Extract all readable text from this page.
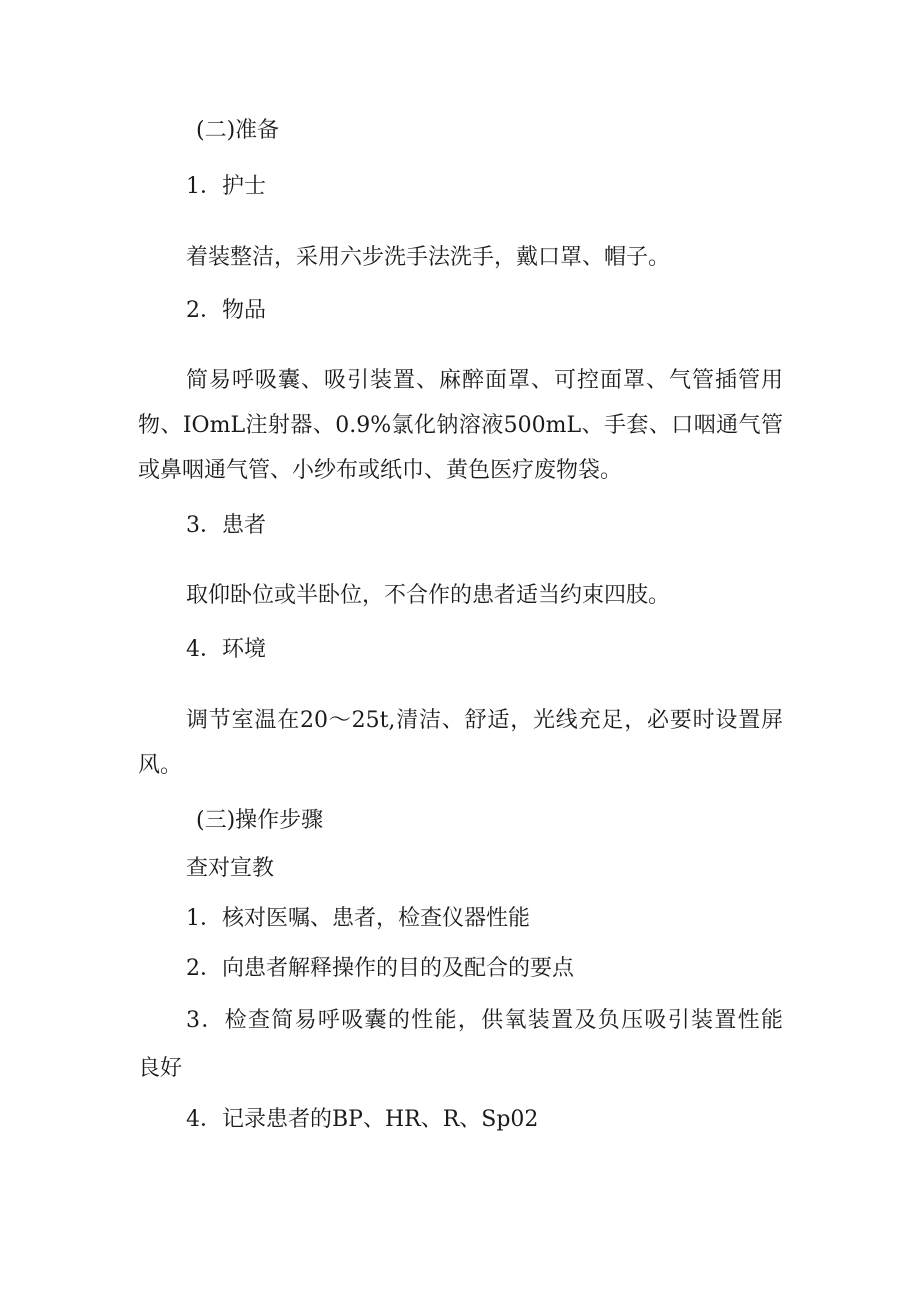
(二)准备

1．护士

着装整洁，采用六步洗手法洗手，戴口罩、帽子。

2．物品

简易呼吸囊、吸引装置、麻醉面罩、可控面罩、气管插管用

物、IOmL注射器、0.9%氯化钠溶液500mL、手套、口咽通气管

或鼻咽通气管、小纱布或纸巾、黄色医疗废物袋。

3．患者

取仰卧位或半卧位，不合作的患者适当约束四肢。

4．环境

调节室温在20～25t,清洁、舒适，光线充足，必要时设置屏

风。

(三)操作步骤

查对宣教

1．核对医嘱、患者，检查仪器性能

2．向患者解释操作的目的及配合的要点

3．检查简易呼吸囊的性能，供氧装置及负压吸引装置性能

良好

4．记录患者的BP、HR、R、Sp02
